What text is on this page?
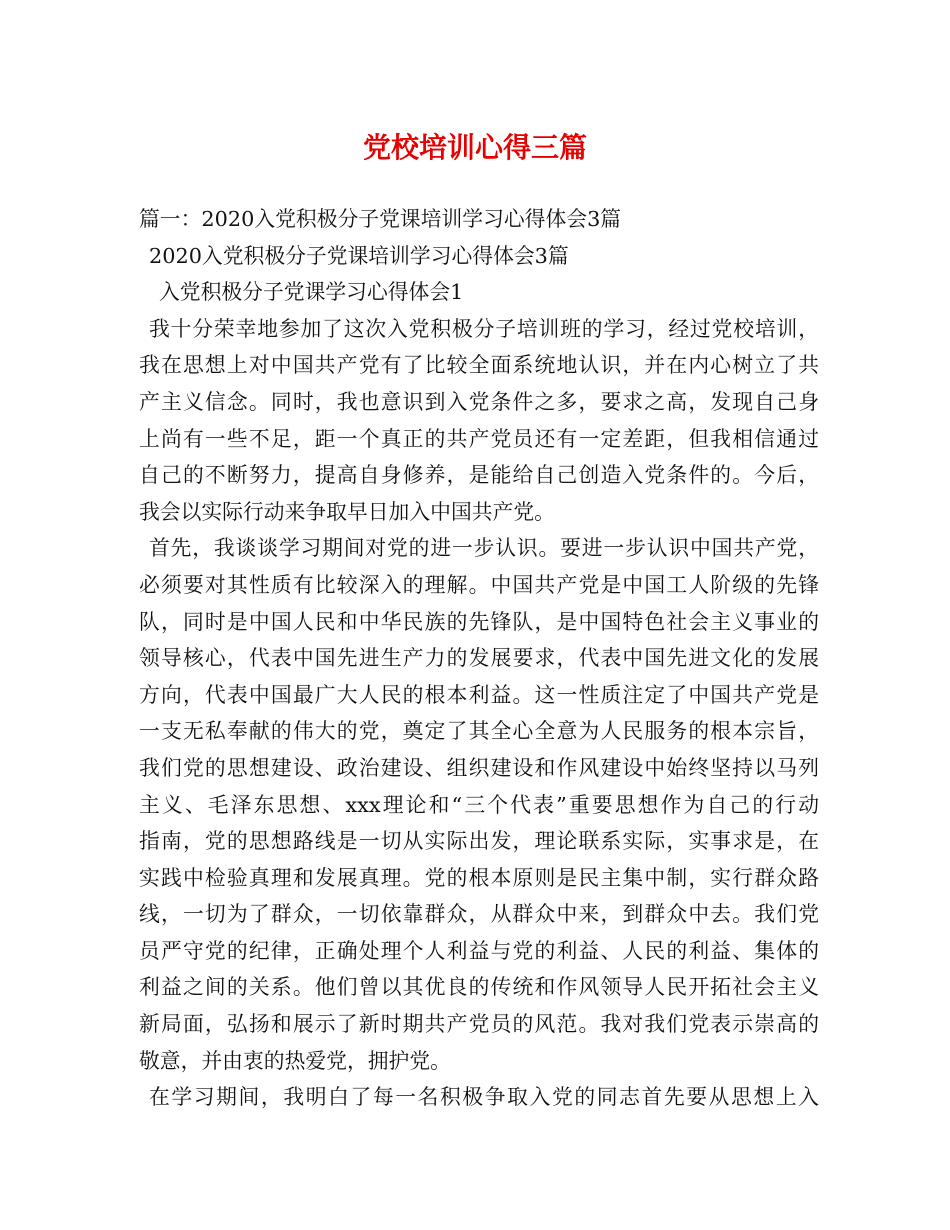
党校培训心得三篇

篇一：2020入党积极分子党课培训学习心得体会3篇

2020入党积极分子党课培训学习心得体会3篇

入党积极分子党课学习心得体会1

我十分荣幸地参加了这次入党积极分子培训班的学习，经过党校培训，

我在思想上对中国共产党有了比较全面系统地认识，并在内心树立了共

产主义信念。同时，我也意识到入党条件之多，要求之高，发现自己身

上尚有一些不足，距一个真正的共产党员还有一定差距，但我相信通过

自己的不断努力，提高自身修养，是能给自己创造入党条件的。今后，

我会以实际行动来争取早日加入中国共产党。

首先，我谈谈学习期间对党的进一步认识。要进一步认识中国共产党，

必须要对其性质有比较深入的理解。中国共产党是中国工人阶级的先锋

队，同时是中国人民和中华民族的先锋队，是中国特色社会主义事业的

领导核心，代表中国先进生产力的发展要求，代表中国先进文化的发展

方向，代表中国最广大人民的根本利益。这一性质注定了中国共产党是

一支无私奉献的伟大的党，奠定了其全心全意为人民服务的根本宗旨，

我们党的思想建设、政治建设、组织建设和作风建设中始终坚持以马列

主义、毛泽东思想、xxx理论和“三个代表”重要思想作为自己的行动

指南，党的思想路线是一切从实际出发，理论联系实际，实事求是，在

实践中检验真理和发展真理。党的根本原则是民主集中制，实行群众路

线，一切为了群众，一切依靠群众，从群众中来，到群众中去。我们党

员严守党的纪律，正确处理个人利益与党的利益、人民的利益、集体的

利益之间的关系。他们曾以其优良的传统和作风领导人民开拓社会主义

新局面，弘扬和展示了新时期共产党员的风范。我对我们党表示崇高的

敬意，并由衷的热爱党，拥护党。

在学习期间，我明白了每一名积极争取入党的同志首先要从思想上入
